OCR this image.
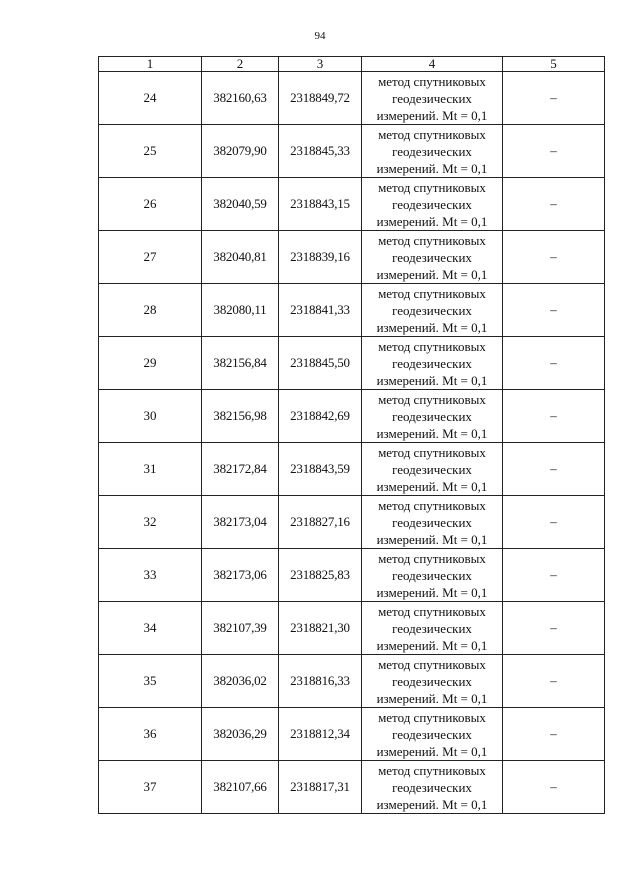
94
1	2	3	4	5
24	382160,63	2318849,72	метод спутниковых
геодезических
измерений. Mt = 0,1	–
25	382079,90	2318845,33	метод спутниковых
геодезических
измерений. Mt = 0,1	–
26	382040,59	2318843,15	метод спутниковых
геодезических
измерений. Mt = 0,1	–
27	382040,81	2318839,16	метод спутниковых
геодезических
измерений. Mt = 0,1	–
28	382080,11	2318841,33	метод спутниковых
геодезических
измерений. Mt = 0,1	–
29	382156,84	2318845,50	метод спутниковых
геодезических
измерений. Mt = 0,1	–
30	382156,98	2318842,69	метод спутниковых
геодезических
измерений. Mt = 0,1	–
31	382172,84	2318843,59	метод спутниковых
геодезических
измерений. Mt = 0,1	–
32	382173,04	2318827,16	метод спутниковых
геодезических
измерений. Mt = 0,1	–
33	382173,06	2318825,83	метод спутниковых
геодезических
измерений. Mt = 0,1	–
34	382107,39	2318821,30	метод спутниковых
геодезических
измерений. Mt = 0,1	–
35	382036,02	2318816,33	метод спутниковых
геодезических
измерений. Mt = 0,1	–
36	382036,29	2318812,34	метод спутниковых
геодезических
измерений. Mt = 0,1	–
37	382107,66	2318817,31	метод спутниковых
геодезических
измерений. Mt = 0,1	–
